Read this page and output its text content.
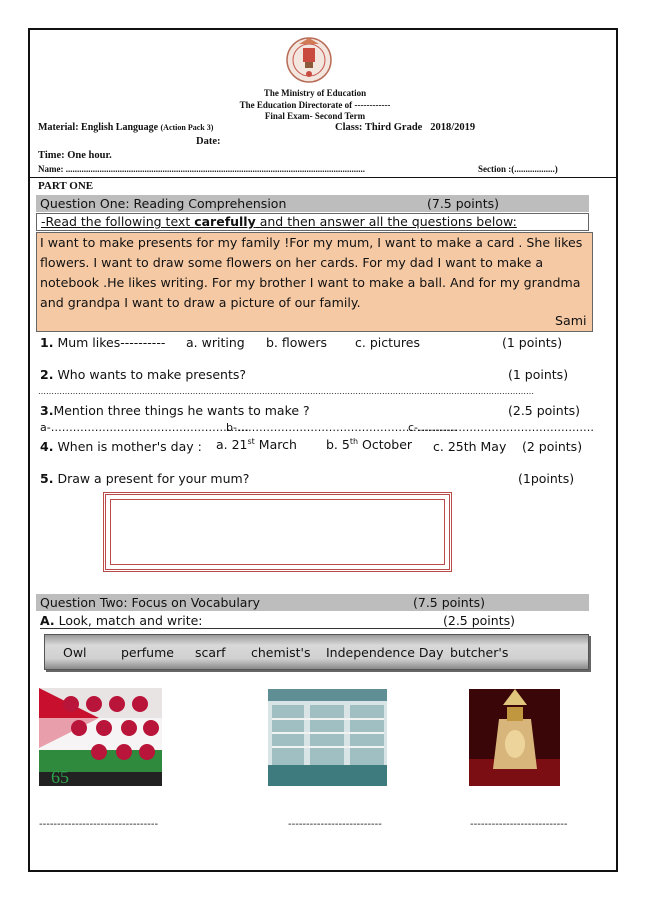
The Ministry of Education
The Education Directorate of ------------
Final Exam- Second Term
Material: English Language (Action Pack 3)	Class: Third Grade 2018/2019
Date:
Time: One hour.
Name: .....................................................................................................................................	Section :(..................)
PART ONE
Question One: Reading Comprehension	(7.5 points)
-Read the following text carefully and then answer all the questions below:
I want to make presents for my family !For my mum, I want to make a card . She likes flowers. I want to draw some flowers on her cards. For my dad I want to make a notebook .He likes writing. For my brother I want to make a ball. And for my grandma and grandpa I want to draw a picture of our family.
Sami
1. Mum likes---------- a. writing b. flowers c. pictures	(1 points)
2. Who wants to make presents?	(1 points)
……………………………………………………………………………………………………………………………………………………………………
3.Mention three things he wants to make ?	(2.5 points)
a-………………………………………………
b-……………………………………………………
c-…………………………………………
4. When is mother's day : a. 21st March b. 5th October c. 25th May (2 points)
5. Draw a present for your mum?	(1points)
Question Two: Focus on Vocabulary	(7.5 points)
A. Look, match and write:	(2.5 points)
Owl	perfume scarf chemist's Independence Day butcher's
65
---------------------------------	--------------------------	---------------------------
